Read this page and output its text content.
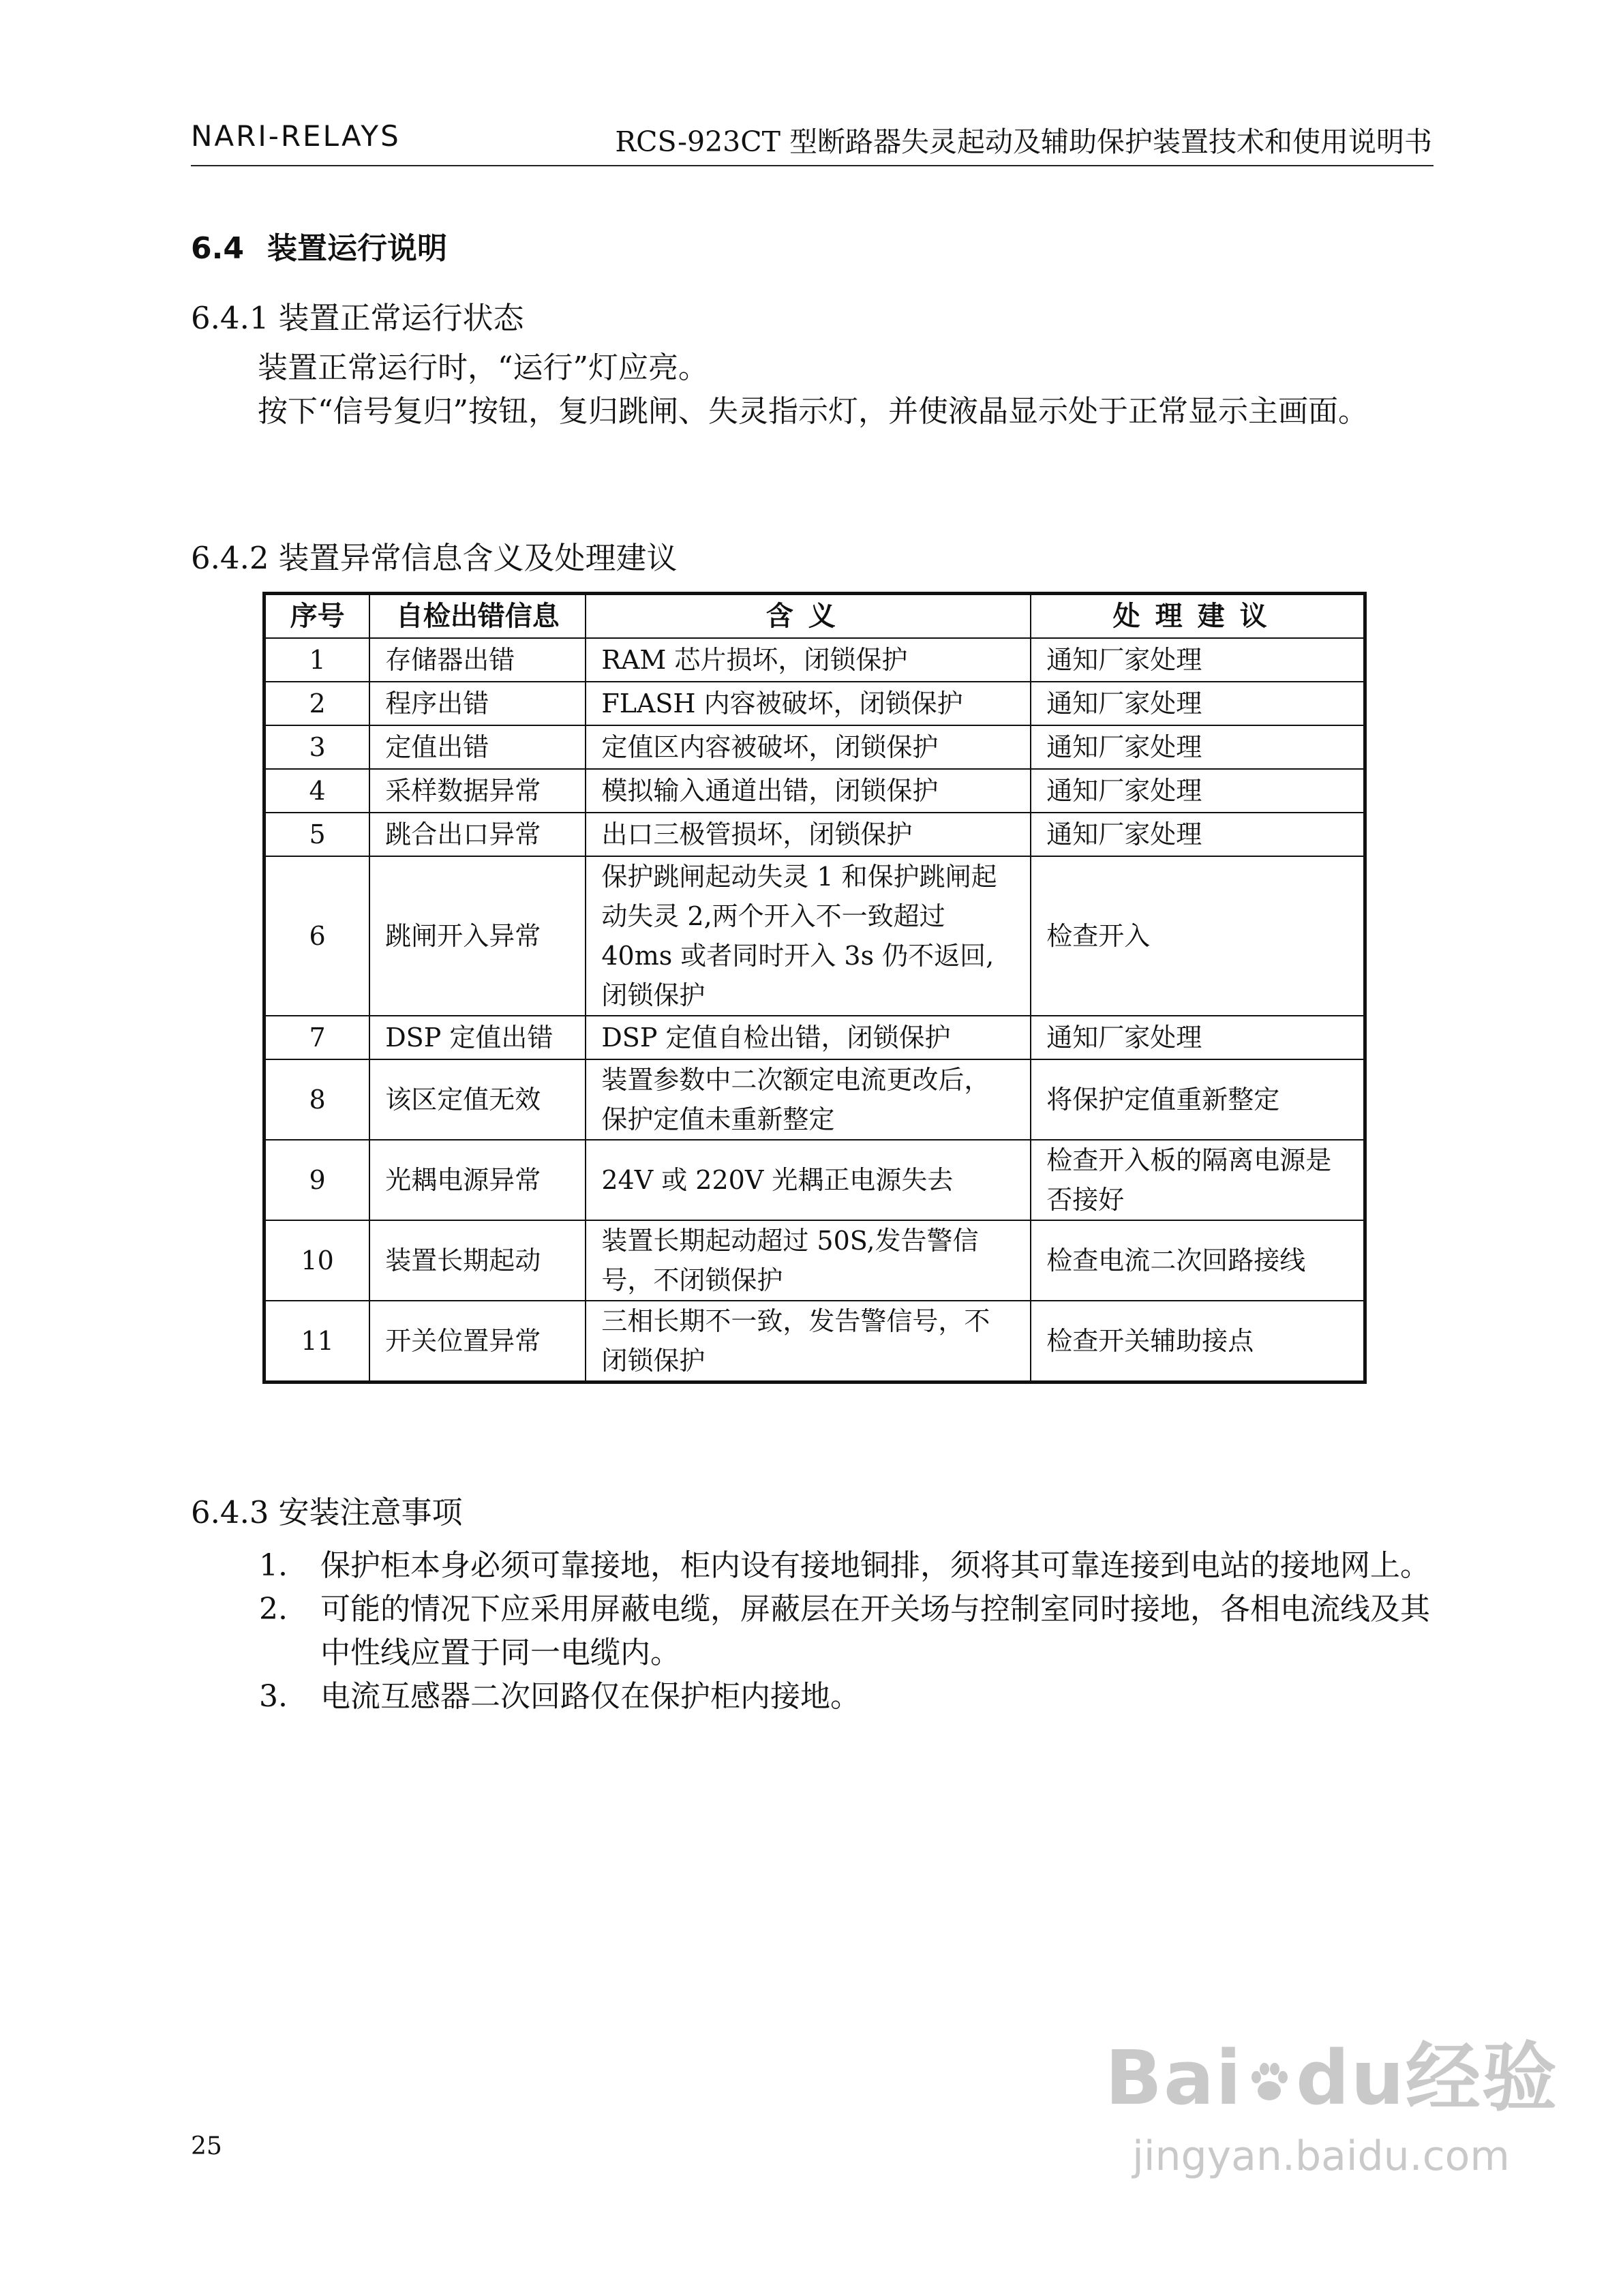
NARI-RELAYS	RCS-923CT 型断路器失灵起动及辅助保护装置技术和使用说明书
6.4 装置运行说明
6.4.1 装置正常运行状态
装置正常运行时，“运行”灯应亮。
按下“信号复归”按钮，复归跳闸、失灵指示灯，并使液晶显示处于正常显示主画面。
6.4.2 装置异常信息含义及处理建议
序号	自检出错信息	含义	处理建议
1	存储器出错	RAM 芯片损坏，闭锁保护	通知厂家处理
2	程序出错	FLASH 内容被破坏，闭锁保护	通知厂家处理
3	定值出错	定值区内容被破坏，闭锁保护	通知厂家处理
4	采样数据异常	模拟输入通道出错，闭锁保护	通知厂家处理
5	跳合出口异常	出口三极管损坏，闭锁保护	通知厂家处理
6	跳闸开入异常	保护跳闸起动失灵 1 和保护跳闸起动失灵 2,两个开入不一致超过 40ms 或者同时开入 3s 仍不返回,闭锁保护	检查开入
7	DSP 定值出错	DSP 定值自检出错，闭锁保护	通知厂家处理
8	该区定值无效	装置参数中二次额定电流更改后，保护定值未重新整定	将保护定值重新整定
9	光耦电源异常	24V 或 220V 光耦正电源失去	检查开入板的隔离电源是否接好
10	装置长期起动	装置长期起动超过 50S,发告警信号，不闭锁保护	检查电流二次回路接线
11	开关位置异常	三相长期不一致，发告警信号，不闭锁保护	检查开关辅助接点
6.4.3 安装注意事项
1. 保护柜本身必须可靠接地，柜内设有接地铜排，须将其可靠连接到电站的接地网上。
2. 可能的情况下应采用屏蔽电缆，屏蔽层在开关场与控制室同时接地，各相电流线及其中性线应置于同一电缆内。
3. 电流互感器二次回路仅在保护柜内接地。
25
Bai du经验
jingyan.baidu.com
